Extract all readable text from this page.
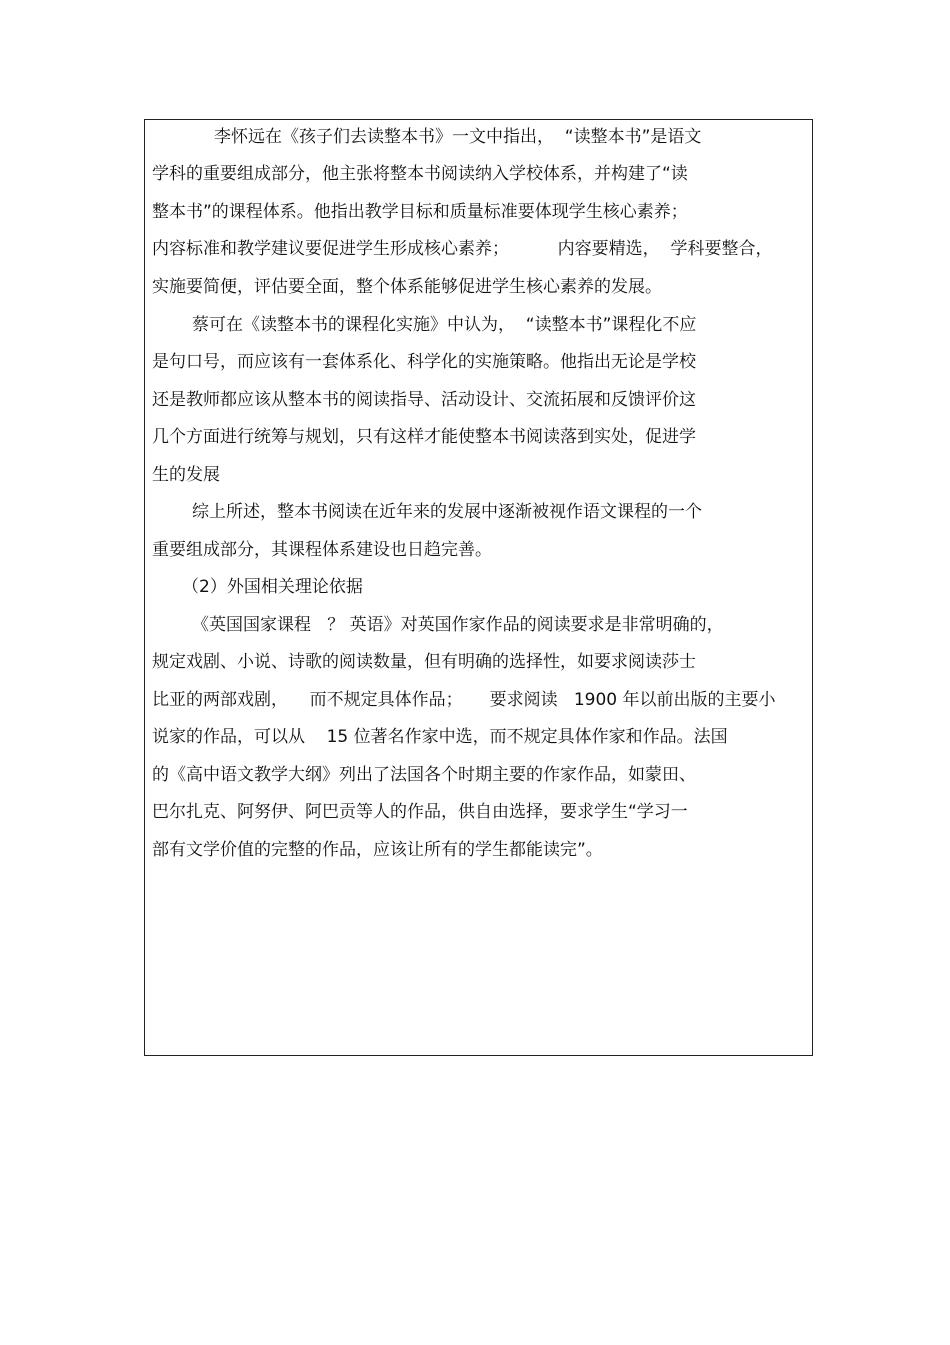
李怀远在《孩子们去读整本书》一文中指出，  “读整本书”是语文
学科的重要组成部分，他主张将整本书阅读纳入学校体系，并构建了“读
整本书”的课程体系。他指出教学目标和质量标准要体现学生核心素养；
内容标准和教学建议要促进学生形成核心素养；         内容要精选，  学科要整合，
实施要简便，评估要全面，整个体系能够促进学生核心素养的发展。
蔡可在《读整本书的课程化实施》中认为，  “读整本书”课程化不应
是句口号，而应该有一套体系化、科学化的实施策略。他指出无论是学校
还是教师都应该从整本书的阅读指导、活动设计、交流拓展和反馈评价这
几个方面进行统筹与规划，只有这样才能使整本书阅读落到实处，促进学
生的发展
综上所述，整本书阅读在近年来的发展中逐渐被视作语文课程的一个
重要组成部分，其课程体系建设也日趋完善。
（2）外国相关理论依据
《英国国家课程   ？ 英语》对英国作家作品的阅读要求是非常明确的，
规定戏剧、小说、诗歌的阅读数量，但有明确的选择性，如要求阅读莎士
比亚的两部戏剧，    而不规定具体作品；     要求阅读   1900 年以前出版的主要小
说家的作品，可以从    15 位著名作家中选，而不规定具体作家和作品。法国
的《高中语文教学大纲》列出了法国各个时期主要的作家作品，如蒙田、
巴尔扎克、阿努伊、阿巴贡等人的作品，供自由选择，要求学生“学习一
部有文学价值的完整的作品，应该让所有的学生都能读完”。
